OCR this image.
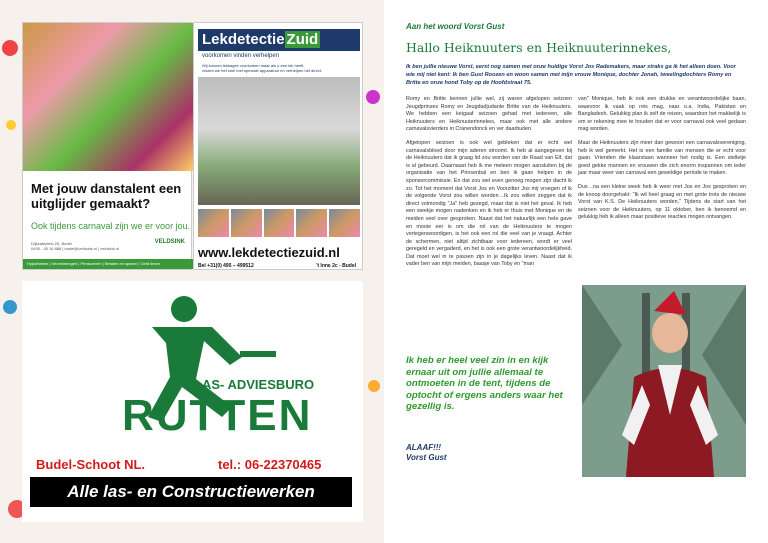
Met jouw danstalent een uitglijder gemaakt?
Ook tijdens carnaval zijn we er voor jou.
Dijkzateplein 25, Budel
0495 - 45 16 888 | budel@veldsink.nl | veldsink.nl
VELDSINK
Hypotheken | Verzekeringen | Pensioenen | Betalen en sparen | Geld lenen
Lekdetectie Zuid
voorkomen vinden verhelpen
Wij kunnen lekkages voorkomen maar als u een lek heeft,
vinden we het snel met speciale apparatuur en verhelpen het direct.
www.lekdetectiezuid.nl
Bel +31(0) 495 – 499512	't Inne 2c - Budel
LAS- ADVIESBURO
RUTTEN
Budel-Schoot NL.	tel.: 06-22370465
Alle las- en Constructiewerken
Aan het woord Vorst Gust
Hallo Heiknuuters en Heiknuuterinnekes,
Ik ben jullie nieuwe Vorst, eerst nog samen met onze huidige Vorst Jos Rademakers, maar straks ga ik het alleen doen. Voor wie mij niet kent: Ik ben Gust Roozen en woon samen met mijn vrouw Monique, dochter Jonah, tweelingdochters Romy en Britte en onze hond Toby op de Hoofdstraat 75.

Romy en Britte kennen jullie wel, zij waren afgelopen seizoen Jeugdprinses Romy en Jeugdadjudante Britte van de Heiknuuters. We hebben een keigaaf seizoen gehad met iedereen, alle Heiknuuters en Heiknuuterinnekes, maar ook met alle andere carnavalsvierders in Cranendonck en ver daarbuiten.

Afgelopen seizoen is ook wel gebleken dat er écht wel carnavalsbloed door mijn aderen stroomt. Ik heb al aangegeven bij de Heiknuuters dat ik graag lid zou worden van de Raad van Elf, dat is al gebeurd. Daarnaast heb ik me meteen mogen aansluiten bij de organisatie van het Prinsenbal en ben ik gaan helpen in de sponsorcommissie. En dat zou wel even genoeg mogen zijn dacht ik zo. Tot het moment dat Vorst Jos en Voorzitter Jos mij vroegen of ik de volgende Vorst zou willen worden…Ik zou willen zeggen dat ik direct volmondig "Ja" heb gezegd, maar dat is niet het geval. Ik heb een weekje mogen nadenken en ik heb er thuis met Monique en de meiden veel over gesproken. Naast dat het natuurlijk een hele gave en mooie eer is om die rol van de Heiknuuters te mogen vertegenwoordigen, is het ook een rol die veel van je vraagt. Achter de schermen, niet altijd zichtbaar voor iedereen, wordt er veel geregeld en vergaderd, en het is ook een grote verantwoordelijkheid. Dat moet wel in te passen zijn in je dagelijks leven. Naast dat ik vader ben van mijn meiden, baasje van Toby en "man

van" Monique, heb ik ook een drukke en verantwoordelijke baan, waarvoor ik vaak op reis mag, naar o.a. India, Pakistan en Bangladesh. Gelukkig plan ik zelf de reizen, waardoor het makkelijk is om er rekening mee te houden dat er voor carnaval ook veel gedaan mag worden.

Maar de Heiknuuters zijn meer dan gewoon een carnavalsvereniging, heb ik wel gemerkt. Het is een familie van mensen die er echt voor gaan. Vrienden die klaarstaan wanneer het nodig is. Een stelletje goed gekke mannen en vrouwen die zich enorm inspannen om ieder jaar maar weer van carnaval een geweldige periode te maken.

Dus…na een kleine week heb ik weer met Jos en Jos gesproken en de knoop doorgehakt: "Ik wil heel graag en met grote trots de nieuwe Vorst van K.S. De Heiknuuters worden." Tijdens de start van het seizoen voor de Heiknuuters, op 11 oktober, ben ik benoemd en gelukkig heb ik alleen maar positieve reacties mogen ontvangen.

Ik heb er heel veel zin in en kijk ernaar uit om jullie allemaal te ontmoeten in de tent, tijdens de optocht of ergens anders waar het gezellig is.
ALAAF!!!
Vorst Gust
